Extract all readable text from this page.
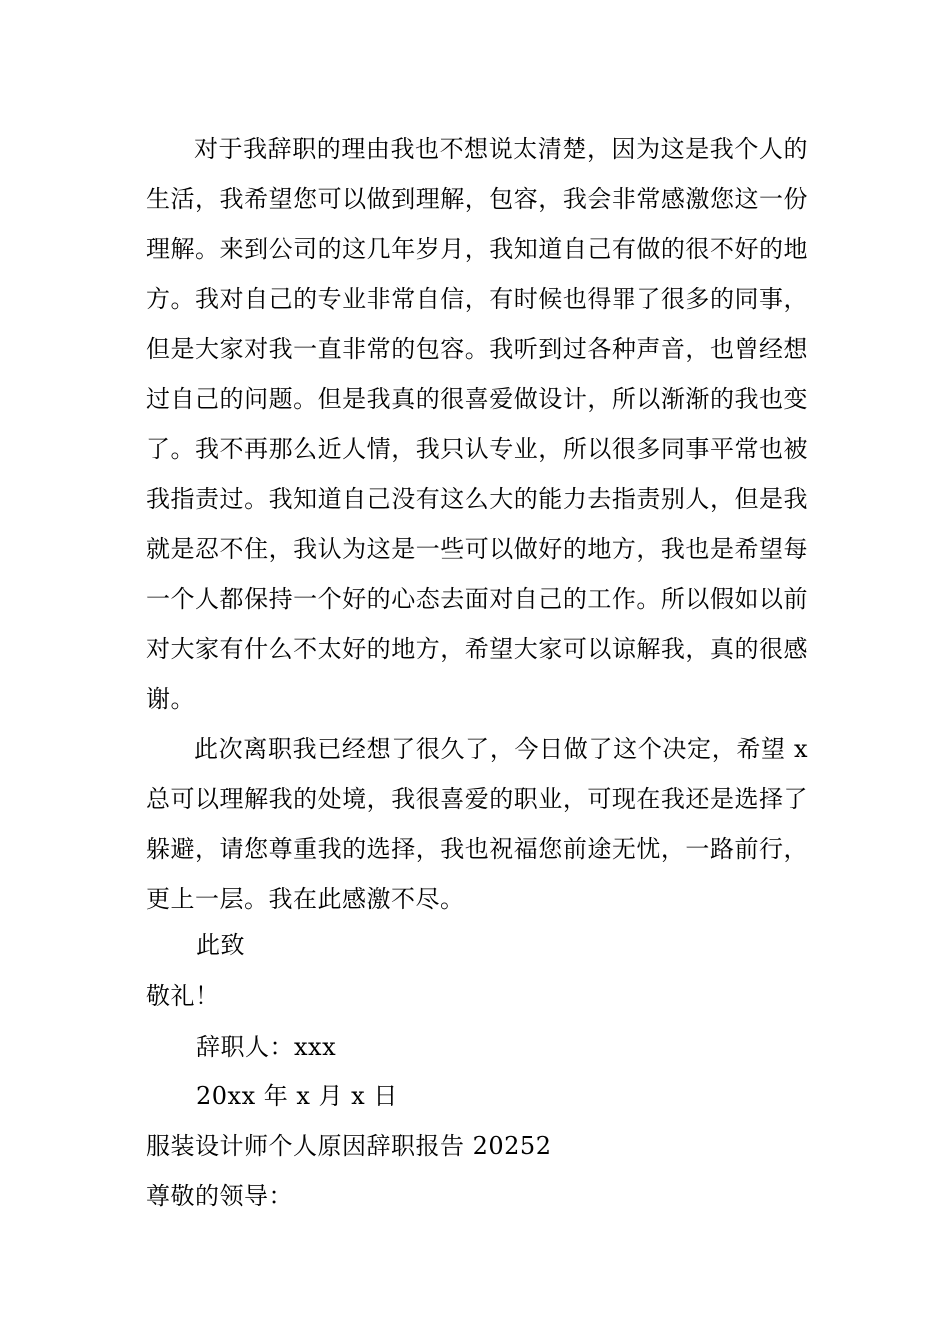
对于我辞职的理由我也不想说太清楚，因为这是我个人的生活，我希望您可以做到理解，包容，我会非常感激您这一份理解。来到公司的这几年岁月，我知道自己有做的很不好的地方。我对自己的专业非常自信，有时候也得罪了很多的同事，但是大家对我一直非常的包容。我听到过各种声音，也曾经想过自己的问题。但是我真的很喜爱做设计，所以渐渐的我也变了。我不再那么近人情，我只认专业，所以很多同事平常也被我指责过。我知道自己没有这么大的能力去指责别人，但是我就是忍不住，我认为这是一些可以做好的地方，我也是希望每一个人都保持一个好的心态去面对自己的工作。所以假如以前对大家有什么不太好的地方，希望大家可以谅解我，真的很感谢。

此次离职我已经想了很久了，今日做了这个决定，希望 x 总可以理解我的处境，我很喜爱的职业，可现在我还是选择了躲避，请您尊重我的选择，我也祝福您前途无忧，一路前行，更上一层。我在此感激不尽。

此致

敬礼！

辞职人：xxx

20xx 年 x 月 x 日

服装设计师个人原因辞职报告 20252

尊敬的领导：
